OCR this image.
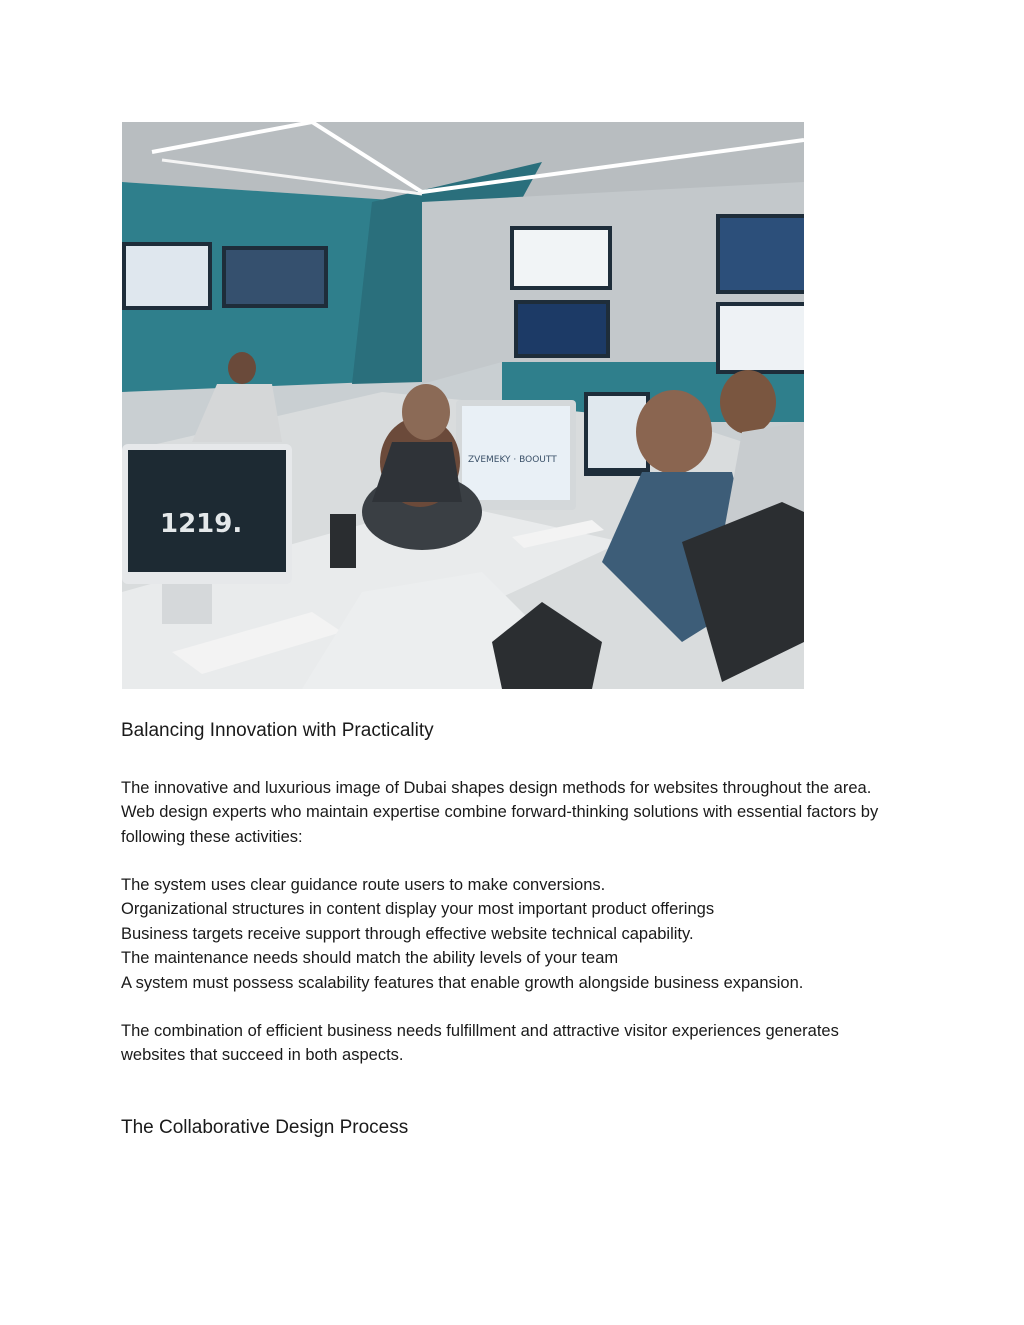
1219.
ZVEMEKY · BOOUTT
Balancing Innovation with Practicality

The innovative and luxurious image of Dubai shapes design methods for websites throughout the area. Web design experts who maintain expertise combine forward-thinking solutions with essential factors by following these activities:

The system uses clear guidance route users to make conversions.
Organizational structures in content display your most important product offerings
Business targets receive support through effective website technical capability.
The maintenance needs should match the ability levels of your team
A system must possess scalability features that enable growth alongside business expansion.

The combination of efficient business needs fulfillment and attractive visitor experiences generates websites that succeed in both aspects.

The Collaborative Design Process
